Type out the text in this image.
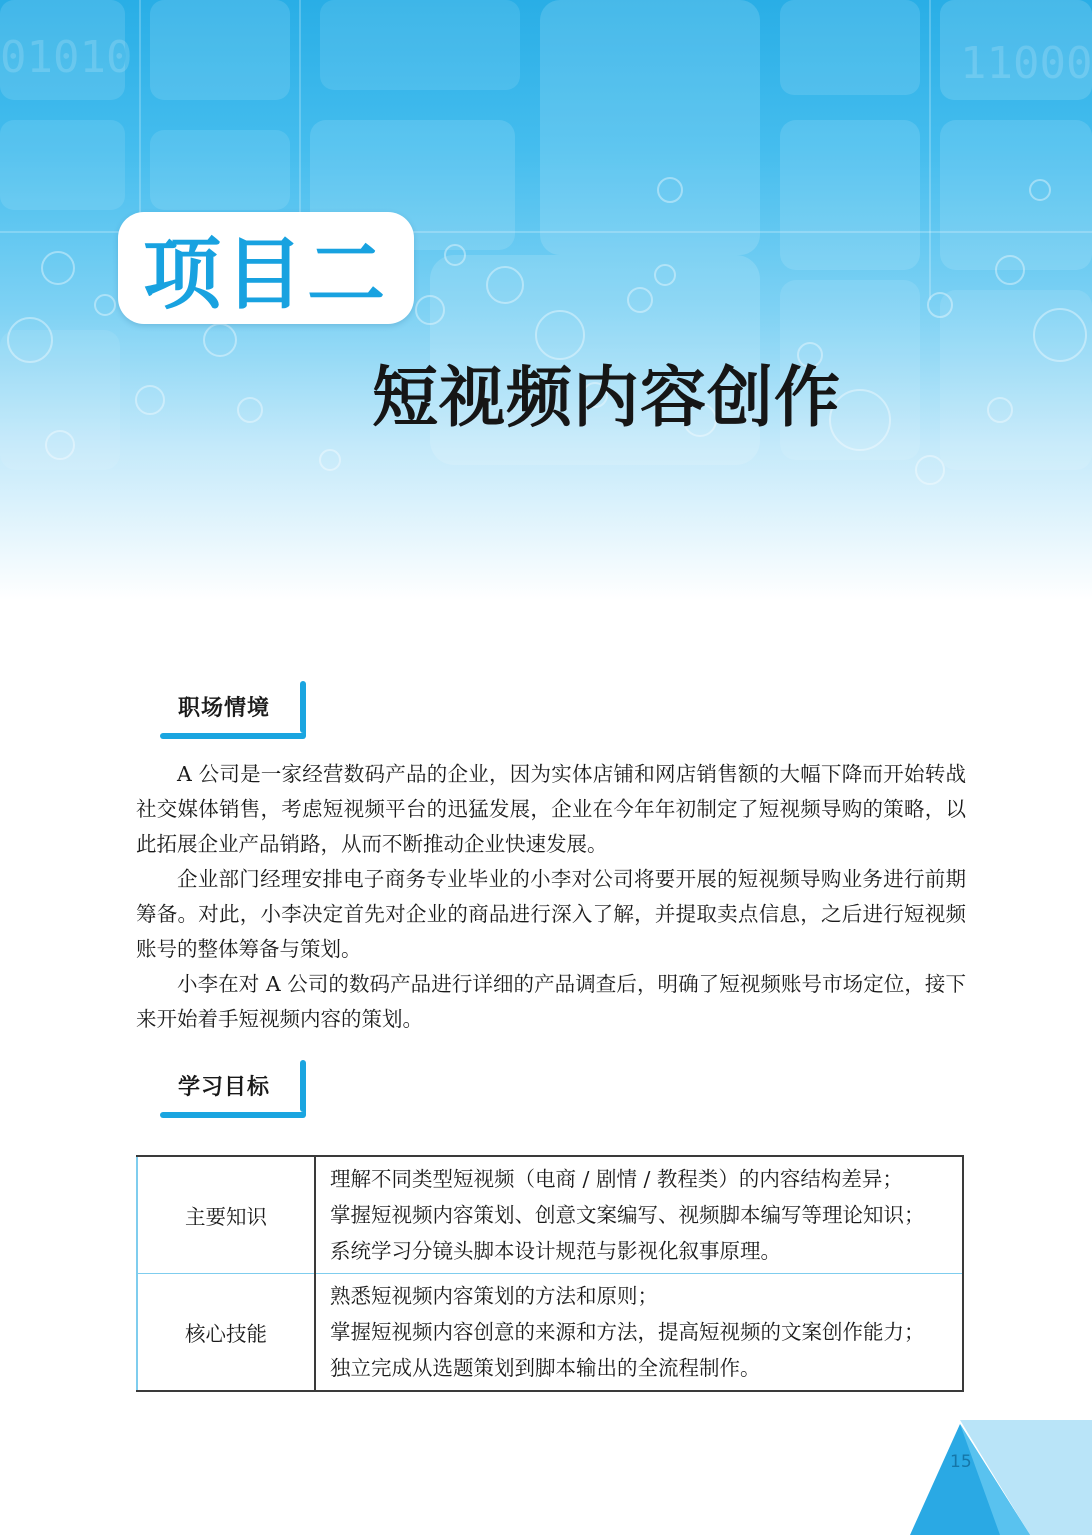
01010	11000
项目二
短视频内容创作
职场情境

A 公司是一家经营数码产品的企业，因为实体店铺和网店销售额的大幅下降而开始转战社交媒体销售，考虑短视频平台的迅猛发展，企业在今年年初制定了短视频导购的策略，以此拓展企业产品销路，从而不断推动企业快速发展。

企业部门经理安排电子商务专业毕业的小李对公司将要开展的短视频导购业务进行前期筹备。对此，小李决定首先对企业的商品进行深入了解，并提取卖点信息，之后进行短视频账号的整体筹备与策划。

小李在对 A 公司的数码产品进行详细的产品调查后，明确了短视频账号市场定位，接下来开始着手短视频内容的策划。

学习目标
主要知识	理解不同类型短视频（电商 / 剧情 / 教程类）的内容结构差异；
掌握短视频内容策划、创意文案编写、视频脚本编写等理论知识；
系统学习分镜头脚本设计规范与影视化叙事原理。

核心技能	熟悉短视频内容策划的方法和原则；
掌握短视频内容创意的来源和方法，提高短视频的文案创作能力；
独立完成从选题策划到脚本输出的全流程制作。
15
